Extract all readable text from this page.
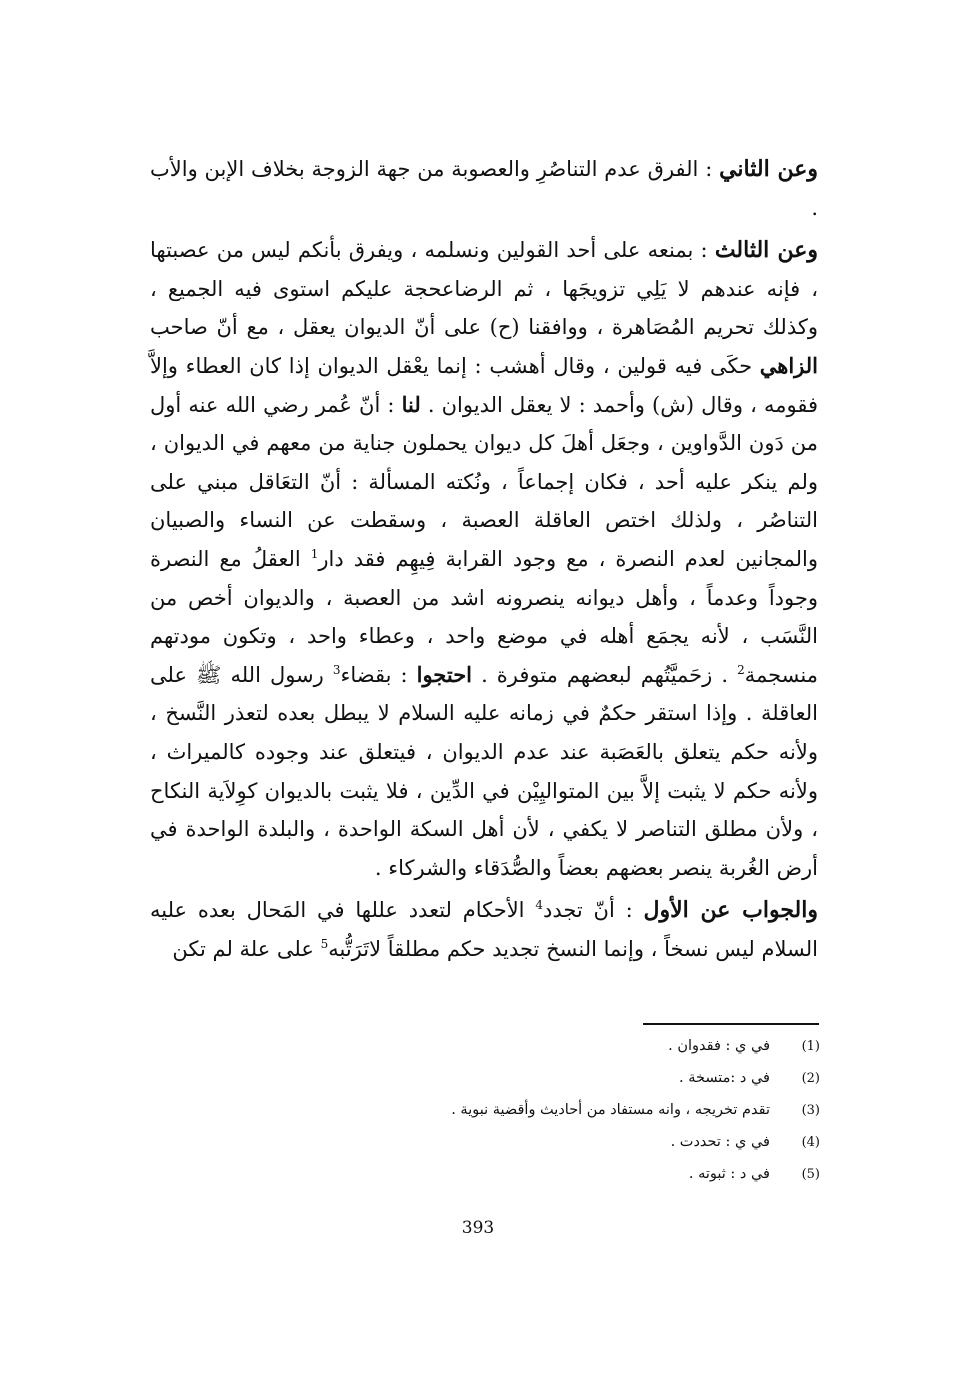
وعن الثاني : الفرق عدم التناصُرِ والعصوبة من جهة الزوجة بخلاف الإبن والأب .

وعن الثالث : بمنعه على أحد القولين ونسلمه ، ويفرق بأنكم ليس من عصبتها ، فإنه عندهم لا يَلِي تزويجَها ، ثم الرضاعحجة عليكم استوى فيه الجميع ، وكذلك تحريم المُصَاهرة ، ووافقنا (ح) على أنّ الديوان يعقل ، مع أنّ صاحب الزاهي حكَى فيه قولين ، وقال أهشب : إنما يعْقل الديوان إذا كان العطاء وإلاَّ فقومه ، وقال (ش) وأحمد : لا يعقل الديوان . لنا : أنّ عُمر رضي الله عنه أول من دَون الدَّواوين ، وجعَل أهلَ كل ديوان يحملون جناية من معهم في الديوان ، ولم ينكر عليه أحد ، فكان إجماعاً ، ونُكته المسألة : أنّ التعَاقل مبني على التناصُر ، ولذلك اختص العاقلة العصبة ، وسقطت عن النساء والصبيان والمجانين لعدم النصرة ، مع وجود القرابة فِيهِم فقد دار$^1$ العقلُ مع النصرة وجوداً وعدماً ، وأهل ديوانه ينصرونه اشد من العصبة ، والديوان أخص من النَّسَب ، لأنه يجمَع أهله في موضع واحد ، وعطاء واحد ، وتكون مودتهم منسجمة$^2$ . زحَميَّتُهم لبعضهم متوفرة . احتجوا : بقضاء$^3$ رسول الله ﷺ على العاقلة . وإذا استقر حكمٌ في زمانه عليه السلام لا يبطل بعده لتعذر النَّسخ ، ولأنه حكم يتعلق بالعَصَبة عند عدم الديوان ، فيتعلق عند وجوده كالميراث ، ولأنه حكم لا يثبت إلاَّ بين المتواليِيْن في الدِّين ، فلا يثبت بالديوان كوِلاَية النكاح ، ولأن مطلق التناصر لا يكفي ، لأن أهل السكة الواحدة ، والبلدة الواحدة في أرض الغُربة ينصر بعضهم بعضاً والصُّدَقاء والشركاء .

والجواب عن الأول : أنّ تجدد$^4$ الأحكام لتعدد عللها في المَحال بعده عليه السلام ليس نسخاً ، وإنما النسخ تجديد حكم مطلقاً لاتَرَتُّبه$^5$ على علة لم تكن

(1)
في ي : فقدوان .
(2)
في د :متسخة .
(3)
تقدم تخريجه ، وانه مستفاد من أحاديث وأقضية نبوية .
(4)
في ي : تحددت .
(5)
في د : ثبوته .
393
